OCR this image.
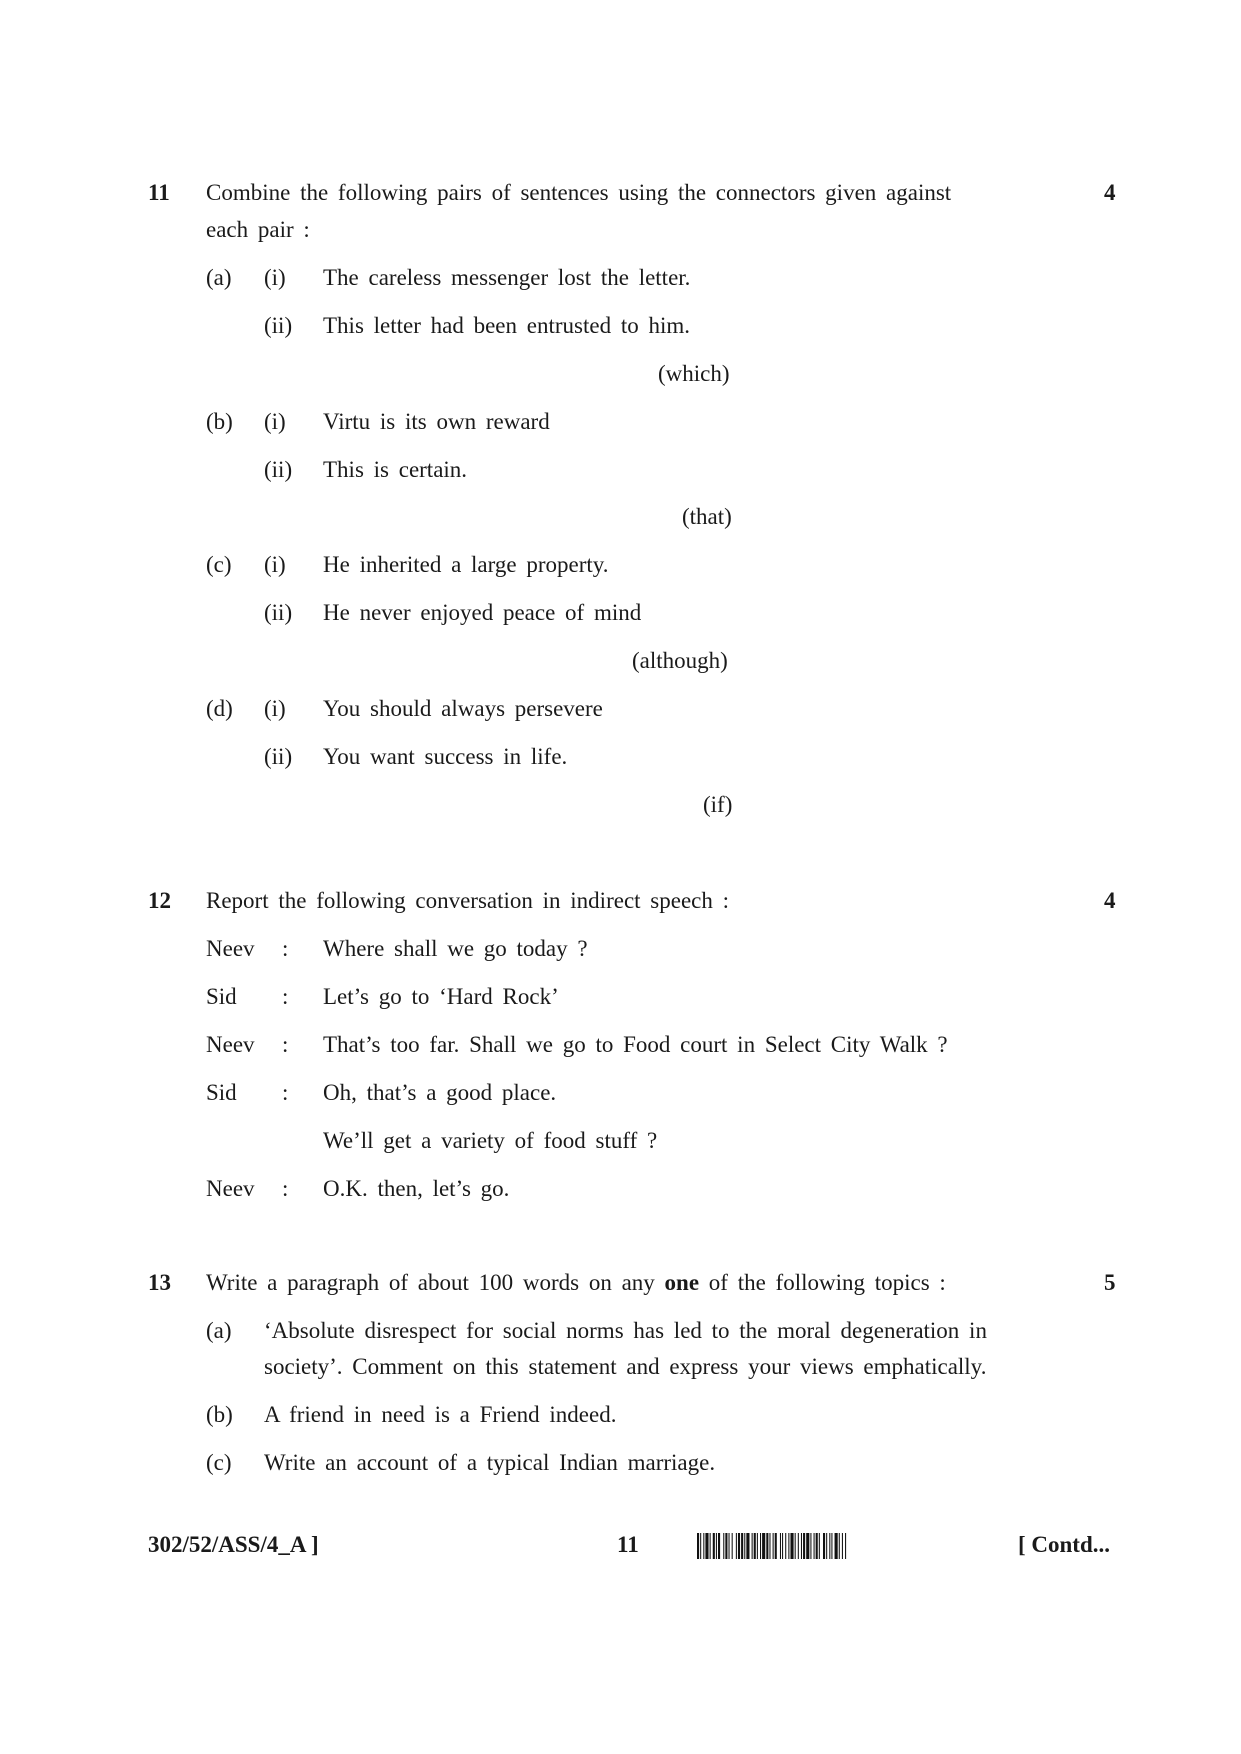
11 Combine the following pairs of sentences using the connectors given against	4
each pair :
(a) (i) The careless messenger lost the letter.
(ii) This letter had been entrusted to him.
(which)
(b) (i) Virtu is its own reward
(ii) This is certain.
(that)
(c) (i) He inherited a large property.
(ii) He never enjoyed peace of mind
(although)
(d) (i) You should always persevere
(ii) You want success in life.
(if)
12 Report the following conversation in indirect speech :	4
Neev : Where shall we go today ?
Sid : Let’s go to ‘Hard Rock’
Neev : That’s too far. Shall we go to Food court in Select City Walk ?
Sid : Oh, that’s a good place.
We’ll get a variety of food stuff ?
Neev : O.K. then, let’s go.
13 Write a paragraph of about 100 words on any one of the following topics :	5
(a) ‘Absolute disrespect for social norms has led to the moral degeneration in
society’. Comment on this statement and express your views emphatically.
(b) A friend in need is a Friend indeed.
(c) Write an account of a typical Indian marriage.
302/52/ASS/4_A ]	11	[ Contd...
